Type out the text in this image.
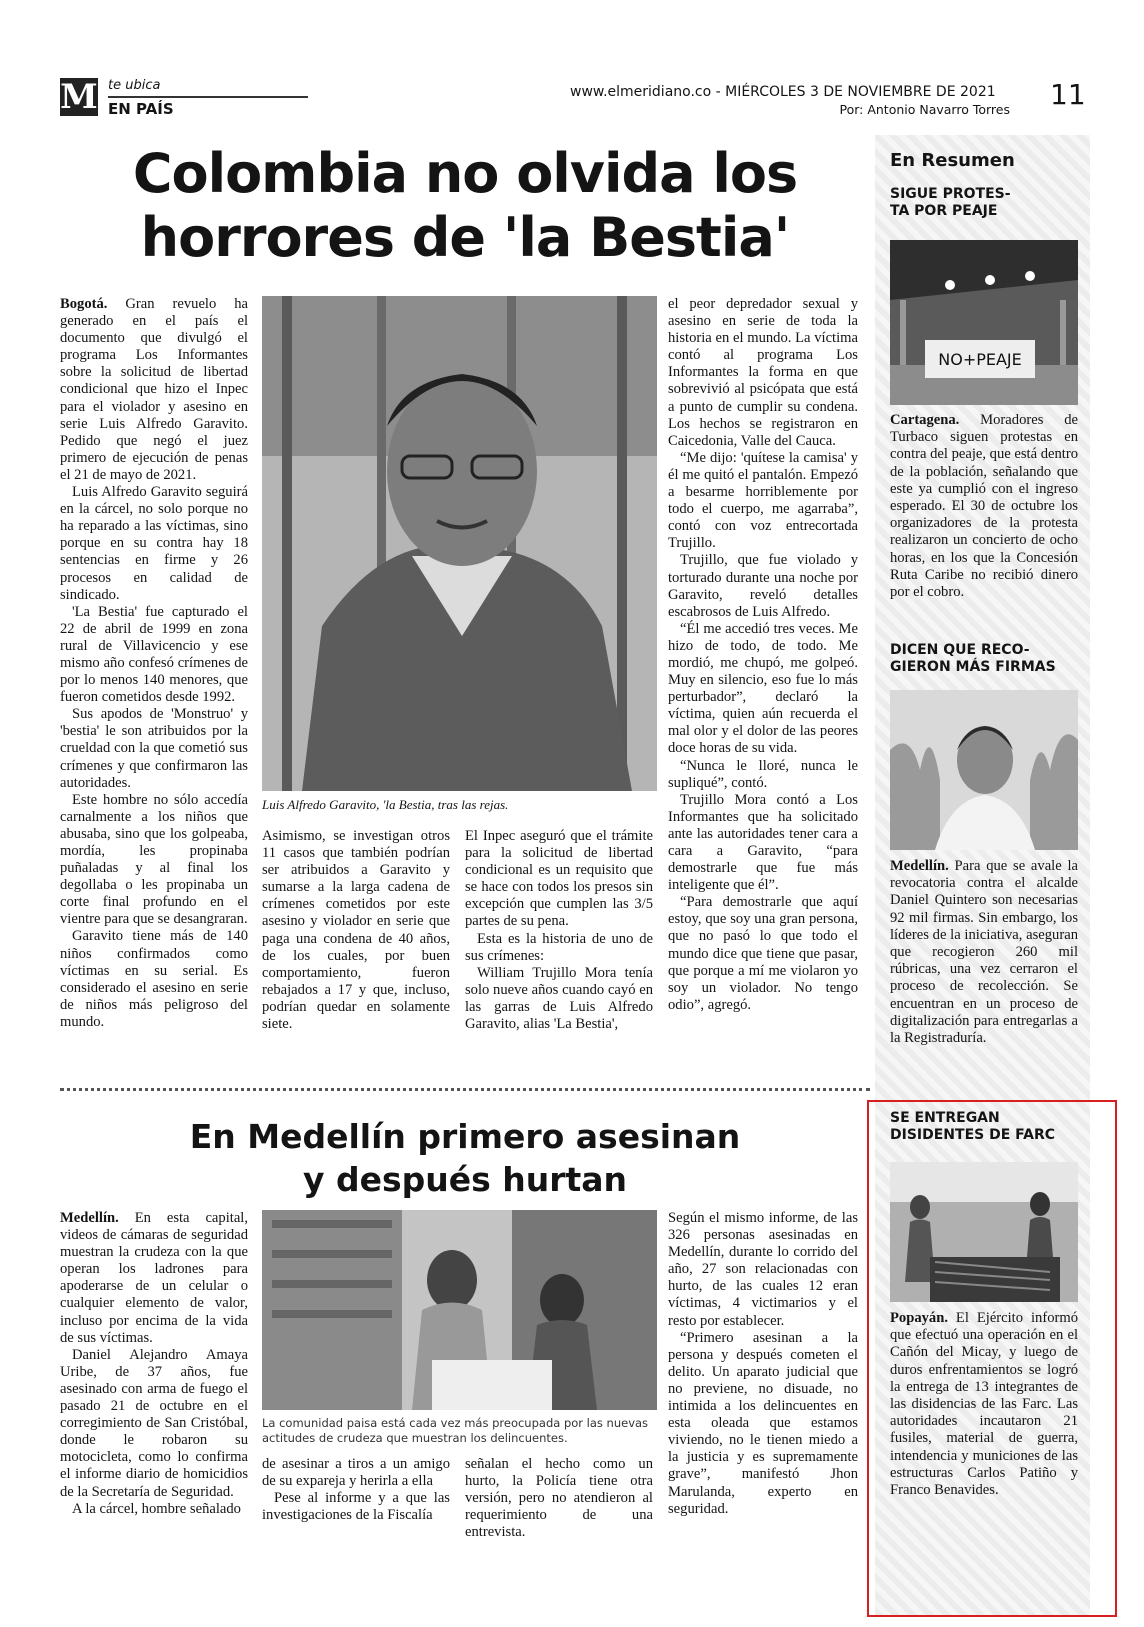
M te ubica
EN PAÍS
www.elmeridiano.co - MIÉRCOLES 3 DE NOVIEMBRE DE 2021
Por: Antonio Navarro Torres 11
Colombia no olvida los
horrores de 'la Bestia'

Bogotá. Gran revuelo ha generado en el país el documento que divulgó el programa Los Informantes sobre la solicitud de libertad condicional que hizo el Inpec para el violador y asesino en serie Luis Alfredo Garavito. Pedido que negó el juez primero de ejecución de penas el 21 de mayo de 2021.

Luis Alfredo Garavito seguirá en la cárcel, no solo porque no ha reparado a las víctimas, sino porque en su contra hay 18 sentencias en firme y 26 procesos en calidad de sindicado.

'La Bestia' fue capturado el 22 de abril de 1999 en zona rural de Villavicencio y ese mismo año confesó crímenes de por lo menos 140 menores, que fueron cometidos desde 1992.

Sus apodos de 'Monstruo' y 'bestia' le son atribuidos por la crueldad con la que cometió sus crímenes y que confirmaron las autoridades.

Este hombre no sólo accedía carnalmente a los niños que abusaba, sino que los golpeaba, mordía, les propinaba puñaladas y al final los degollaba o les propinaba un corte final profundo en el vientre para que se desangraran.

Garavito tiene más de 140 niños confirmados como víctimas en su serial. Es considerado el asesino en serie de niños más peligroso del mundo.

Luis Alfredo Garavito, 'la Bestia, tras las rejas.

Asimismo, se investigan otros 11 casos que también podrían ser atribuidos a Garavito y sumarse a la larga cadena de crímenes cometidos por este asesino y violador en serie que paga una condena de 40 años, de los cuales, por buen comportamiento, fueron rebajados a 17 y que, incluso, podrían quedar en solamente siete.

El Inpec aseguró que el trámite para la solicitud de libertad condicional es un requisito que se hace con todos los presos sin excepción que cumplen las 3/5 partes de su pena.

Esta es la historia de uno de sus crímenes:

William Trujillo Mora tenía solo nueve años cuando cayó en las garras de Luis Alfredo Garavito, alias 'La Bestia',

el peor depredador sexual y asesino en serie de toda la historia en el mundo. La víctima contó al programa Los Informantes la forma en que sobrevivió al psicópata que está a punto de cumplir su condena. Los hechos se registraron en Caicedonia, Valle del Cauca.

“Me dijo: 'quítese la camisa' y él me quitó el pantalón. Empezó a besarme horriblemente por todo el cuerpo, me agarraba”, contó con voz entrecortada Trujillo.

Trujillo, que fue violado y torturado durante una noche por Garavito, reveló detalles escabrosos de Luis Alfredo.

“Él me accedió tres veces. Me hizo de todo, de todo. Me mordió, me chupó, me golpeó. Muy en silencio, eso fue lo más perturbador”, declaró la víctima, quien aún recuerda el mal olor y el dolor de las peores doce horas de su vida.

“Nunca le lloré, nunca le supliqué”, contó.

Trujillo Mora contó a Los Informantes que ha solicitado ante las autoridades tener cara a cara a Garavito, “para demostrarle que fue más inteligente que él”.

“Para demostrarle que aquí estoy, que soy una gran persona, que no pasó lo que todo el mundo dice que tiene que pasar, que porque a mí me violaron yo soy un violador. No tengo odio”, agregó.

En Medellín primero asesinan
y después hurtan

Medellín. En esta capital, videos de cámaras de seguridad muestran la crudeza con la que operan los ladrones para apoderarse de un celular o cualquier elemento de valor, incluso por encima de la vida de sus víctimas.

Daniel Alejandro Amaya Uribe, de 37 años, fue asesinado con arma de fuego el pasado 21 de octubre en el corregimiento de San Cristóbal, donde le robaron su motocicleta, como lo confirma el informe diario de homicidios de la Secretaría de Seguridad.

A la cárcel, hombre señalado

La comunidad paisa está cada vez más preocupada por las nuevas actitudes de crudeza que muestran los delincuentes.

de asesinar a tiros a un amigo de su expareja y herirla a ella

Pese al informe y a que las investigaciones de la Fiscalía

señalan el hecho como un hurto, la Policía tiene otra versión, pero no atendieron al requerimiento de una entrevista.

Según el mismo informe, de las 326 personas asesinadas en Medellín, durante lo corrido del año, 27 son relacionadas con hurto, de las cuales 12 eran víctimas, 4 victimarios y el resto por establecer.

“Primero asesinan a la persona y después cometen el delito. Un aparato judicial que no previene, no disuade, no intimida a los delincuentes en esta oleada que estamos viviendo, no le tienen miedo a la justicia y es supremamente grave”, manifestó Jhon Marulanda, experto en seguridad.

En Resumen
SIGUE PROTES-
TA POR PEAJE
NO+PEAJE

Cartagena. Moradores de Turbaco siguen protestas en contra del peaje, que está dentro de la población, señalando que este ya cumplió con el ingreso esperado. El 30 de octubre los organizadores de la protesta realizaron un concierto de ocho horas, en los que la Concesión Ruta Caribe no recibió dinero por el cobro.

DICEN QUE RECO-
GIERON MÁS FIRMAS

Medellín. Para que se avale la revocatoria contra el alcalde Daniel Quintero son necesarias 92 mil firmas. Sin embargo, los líderes de la iniciativa, aseguran que recogieron 260 mil rúbricas, una vez cerraron el proceso de recolección. Se encuentran en un proceso de digitalización para entregarlas a la Registraduría.

SE ENTREGAN
DISIDENTES DE FARC

Popayán. El Ejército informó que efectuó una operación en el Cañón del Micay, y luego de duros enfrentamientos se logró la entrega de 13 integrantes de las disidencias de las Farc. Las autoridades incautaron 21 fusiles, material de guerra, intendencia y municiones de las estructuras Carlos Patiño y Franco Benavides.
